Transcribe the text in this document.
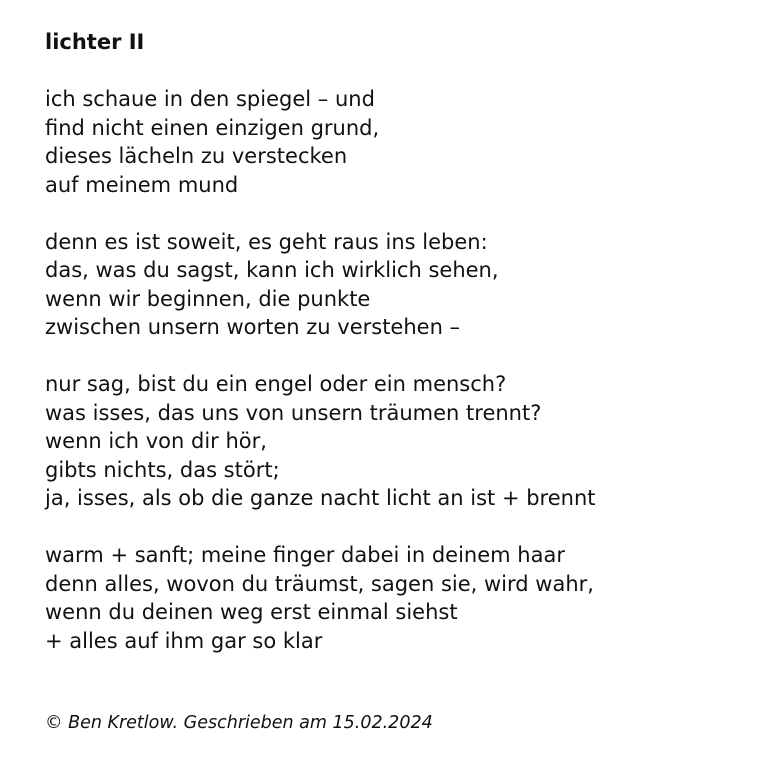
lichter II
ich schaue in den spiegel – und
find nicht einen einzigen grund,
dieses lächeln zu verstecken
auf meinem mund
denn es ist soweit, es geht raus ins leben:
das, was du sagst, kann ich wirklich sehen,
wenn wir beginnen, die punkte
zwischen unsern worten zu verstehen –
nur sag, bist du ein engel oder ein mensch?
was isses, das uns von unsern träumen trennt?
wenn ich von dir hör,
gibts nichts, das stört;
ja, isses, als ob die ganze nacht licht an ist + brennt
warm + sanft; meine finger dabei in deinem haar
denn alles, wovon du träumst, sagen sie, wird wahr,
wenn du deinen weg erst einmal siehst
+ alles auf ihm gar so klar
© Ben Kretlow. Geschrieben am 15.02.2024
